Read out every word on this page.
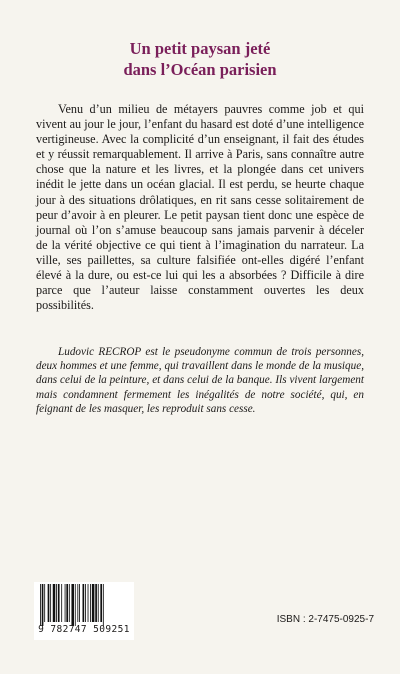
Un petit paysan jeté
dans l’Océan parisien

Venu d’un milieu de métayers pauvres comme job et qui vivent au jour le jour, l’enfant du hasard est doté d’une intelligence vertigineuse. Avec la complicité d’un enseignant, il fait des études et y réussit remarquablement. Il arrive à Paris, sans connaître autre chose que la nature et les livres, et la plongée dans cet univers inédit le jette dans un océan glacial. Il est perdu, se heurte chaque jour à des situations drôlatiques, en rit sans cesse solitairement de peur d’avoir à en pleurer. Le petit paysan tient donc une espèce de journal où l’on s’amuse beaucoup sans jamais parvenir à déceler de la vérité objective ce qui tient à l’imagination du narrateur. La ville, ses paillettes, sa culture falsifiée ont-elles digéré l’enfant élevé à la dure, ou est-ce lui qui les a absorbées ? Difficile à dire parce que l’auteur laisse constamment ouvertes les deux possibilités.

Ludovic RECROP est le pseudonyme commun de trois personnes, deux hommes et une femme, qui travaillent dans le monde de la musique, dans celui de la peinture, et dans celui de la banque. Ils vivent largement mais condamnent fermement les inégalités de notre société, qui, en feignant de les masquer, les reproduit sans cesse.

9 782747 509251
ISBN : 2-7475-0925-7
